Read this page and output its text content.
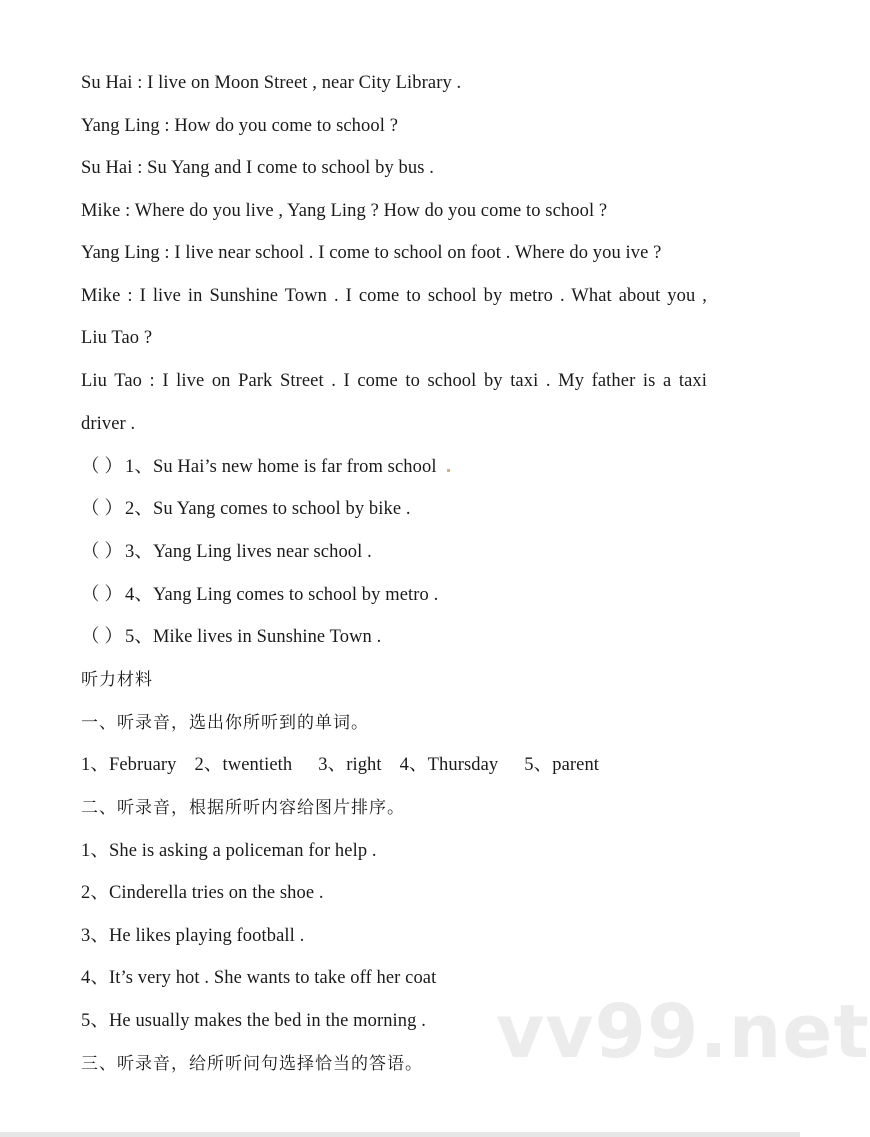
Su Hai : I live on Moon Street , near City Library .
Yang Ling : How do you come to school ?
Su Hai : Su Yang and I come to school by bus .
Mike : Where do you live , Yang Ling ? How do you come to school ?
Yang Ling : I live near school . I come to school on foot . Where do you ive ?
Mike : I live in Sunshine Town . I come to school by metro . What about you ,
Liu Tao ?
Liu Tao : I live on Park Street . I come to school by taxi . My father is a taxi
driver .
（ ） 1、Su Hai’s new home is far from school
（ ） 2、Su Yang comes to school by bike .
（ ） 3、Yang Ling lives near school .
（ ） 4、Yang Ling comes to school by metro .
（ ） 5、Mike lives in Sunshine Town .
听力材料
一、听录音，选出你所听到的单词。
1、February 2、twentieth 3、right 4、Thursday 5、parent
二、听录音，根据所听内容给图片排序。
1、She is asking a policeman for help .
2、Cinderella tries on the shoe .
3、He likes playing football .
4、It’s very hot . She wants to take off her coat
5、He usually makes the bed in the morning .
三、听录音，给所听问句选择恰当的答语。 vv99.net
